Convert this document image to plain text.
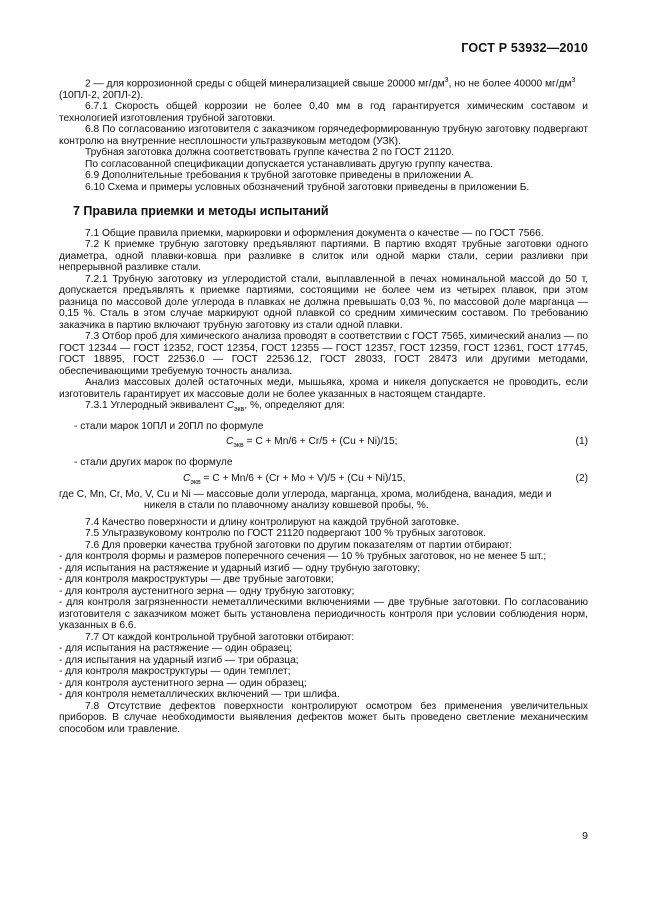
ГОСТ Р 53932—2010

2 — для коррозионной среды с общей минерализацией свыше 20000 $мг/дм^3$, но не более 40000 $мг/дм^3$

(10ПЛ-2, 20ПЛ-2).

6.7.1 Скорость общей коррозии не более 0,40 мм в год гарантируется химическим составом и технологией изготовления трубной заготовки.

6.8 По согласованию изготовителя с заказчиком горячедеформированную трубную заготовку подвергают контролю на внутренние несплошности ультразвуковым методом (УЗК).

Трубная заготовка должна соответствовать группе качества 2 по ГОСТ 21120.

По согласованной спецификации допускается устанавливать другую группу качества.

6.9 Дополнительные требования к трубной заготовке приведены в приложении А.

6.10 Схема и примеры условных обозначений трубной заготовки приведены в приложении Б.

7 Правила приемки и методы испытаний

7.1 Общие правила приемки, маркировки и оформления документа о качестве — по ГОСТ 7566.

7.2 К приемке трубную заготовку предъявляют партиями. В партию входят трубные заготовки одного диаметра, одной плавки-ковша при разливке в слиток или одной марки стали, серии разливки при непрерывной разливке стали.

7.2.1 Трубную заготовку из углеродистой стали, выплавленной в печах номинальной массой до 50 т, допускается предъявлять к приемке партиями, состоящими не более чем из четырех плавок, при этом разница по массовой доле углерода в плавках не должна превышать 0,03 %, по массовой доле марганца — 0,15 %. Сталь в этом случае маркируют одной плавкой со средним химическим составом. По требованию заказчика в партию включают трубную заготовку из стали одной плавки.

7.3 Отбор проб для химического анализа проводят в соответствии с ГОСТ 7565, химический анализ — по ГОСТ 12344 — ГОСТ 12352, ГОСТ 12354, ГОСТ 12355 — ГОСТ 12357, ГОСТ 12359, ГОСТ 12361, ГОСТ 17745, ГОСТ 18895, ГОСТ 22536.0 — ГОСТ 22536.12, ГОСТ 28033, ГОСТ 28473 или другими методами, обеспечивающими требуемую точность анализа.

Анализ массовых долей остаточных меди, мышьяка, хрома и никеля допускается не проводить, если изготовитель гарантирует их массовые доли не более указанных в настоящем стандарте.

7.3.1 Углеродный эквивалент $С_{экв}$, %, определяют для:

- стали марок 10ПЛ и 20ПЛ по формуле

$С_{экв} = C + Mn/6 + Cr/5 + (Cu + Ni)/15$;	(1)

- стали других марок по формуле

$С_{экв} = C + Mn/6 + (Cr + Mo + V)/5 + (Cu + Ni)/15$,	(2)

где C, Mn, Cr, Mo, V, Cu и Ni — массовые доли углерода, марганца, хрома, молибдена, ванадия, меди и

никеля в стали по плавочному анализу ковшевой пробы, %.

7.4 Качество поверхности и длину контролируют на каждой трубной заготовке.

7.5 Ультразвуковому контролю по ГОСТ 21120 подвергают 100 % трубных заготовок.

7.6 Для проверки качества трубной заготовки по другим показателям от партии отбирают:

- для контроля формы и размеров поперечного сечения — 10 % трубных заготовок, но не менее 5 шт.;

- для испытания на растяжение и ударный изгиб — одну трубную заготовку;

- для контроля макроструктуры — две трубные заготовки;

- для контроля аустенитного зерна — одну трубную заготовку;

- для контроля загрязненности неметаллическими включениями — две трубные заготовки. По согласованию изготовителя с заказчиком может быть установлена периодичность контроля при условии соблюдения норм, указанных в 6.6.

7.7 От каждой контрольной трубной заготовки отбирают:

- для испытания на растяжение — один образец;

- для испытания на ударный изгиб — три образца;

- для контроля макроструктуры — один темплет;

- для контроля аустенитного зерна — один образец;

- для контроля неметаллических включений — три шлифа.

7.8 Отсутствие дефектов поверхности контролируют осмотром без применения увеличительных приборов. В случае необходимости выявления дефектов может быть проведено светление механическим способом или травление.

9
